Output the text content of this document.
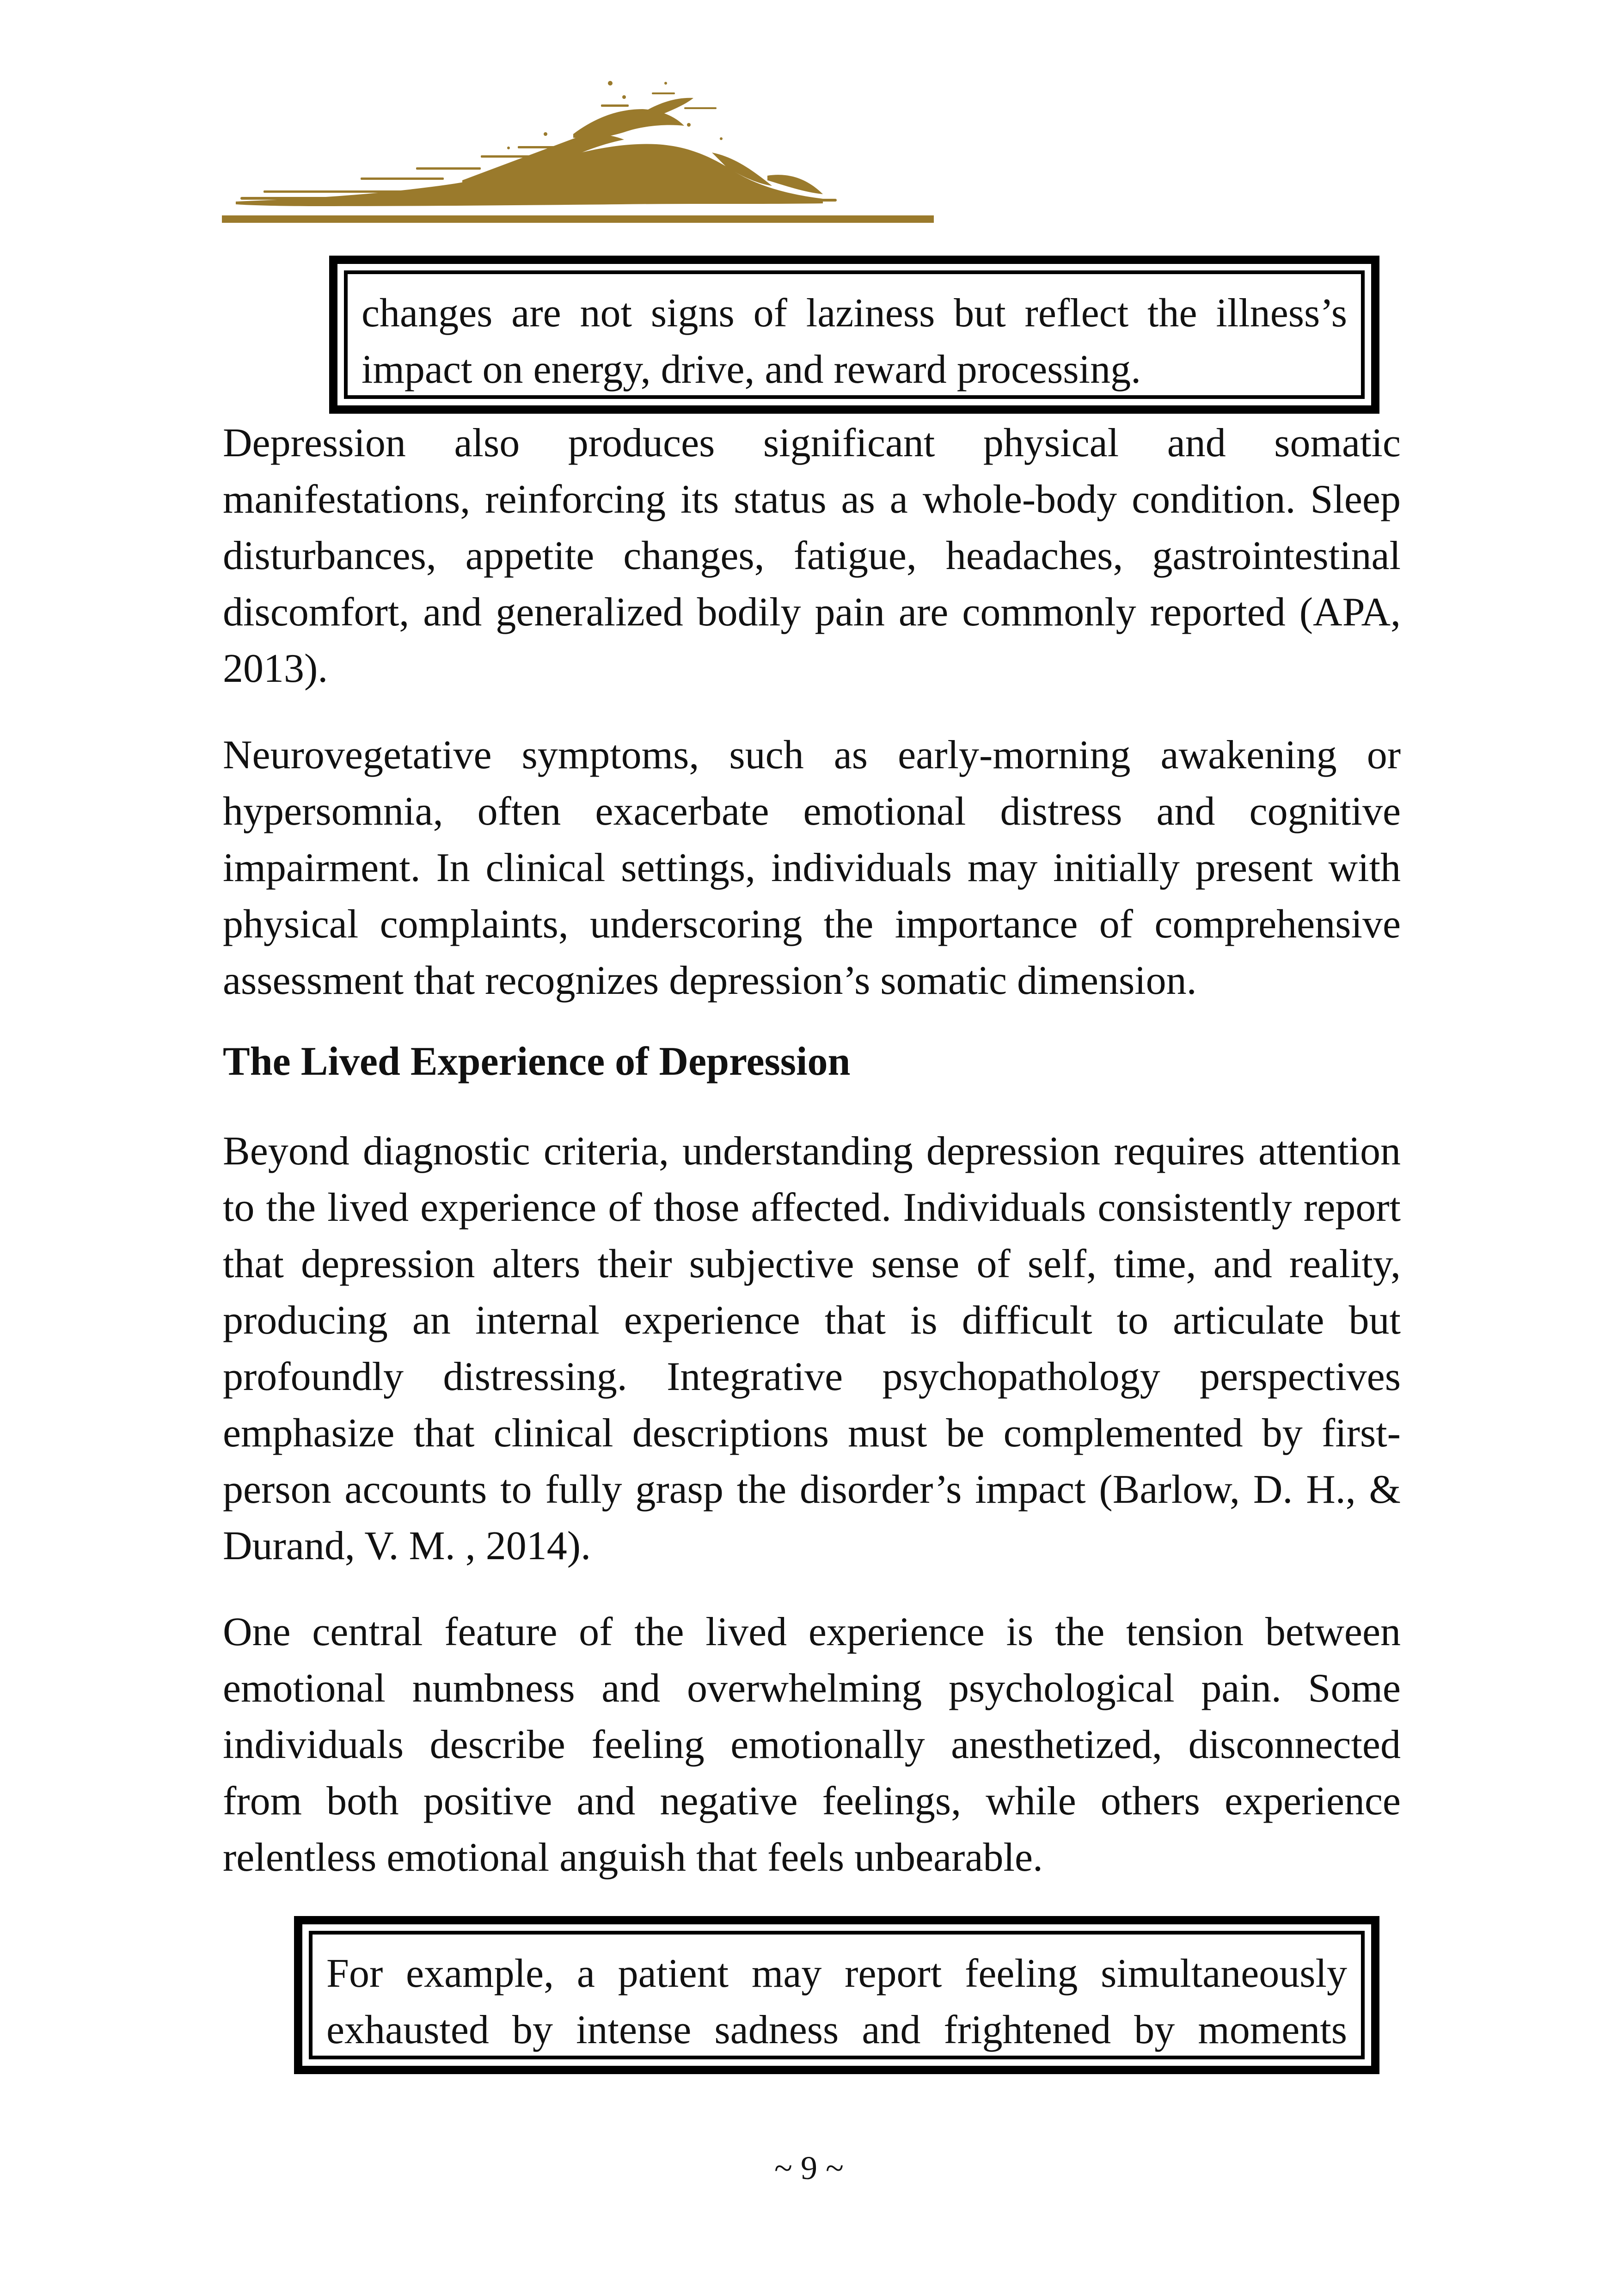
changes are not signs of laziness but reflect the illness’s impact on energy, drive, and reward processing.

Depression also produces significant physical and somatic manifestations, reinforcing its status as a whole-body condition. Sleep disturbances, appetite changes, fatigue, headaches, gastrointestinal discomfort, and generalized bodily pain are commonly reported (APA, 2013).

Neurovegetative symptoms, such as early-morning awakening or hypersomnia, often exacerbate emotional distress and cognitive impairment. In clinical settings, individuals may initially present with physical complaints, underscoring the importance of comprehensive assessment that recognizes depression’s somatic dimension.

The Lived Experience of Depression

Beyond diagnostic criteria, understanding depression requires attention to the lived experience of those affected. Individuals consistently report that depression alters their subjective sense of self, time, and reality, producing an internal experience that is difficult to articulate but profoundly distressing. Integrative psychopathology perspectives emphasize that clinical descriptions must be complemented by first-person accounts to fully grasp the disorder’s impact (Barlow, D. H., & Durand, V. M. , 2014).

One central feature of the lived experience is the tension between emotional numbness and overwhelming psychological pain. Some individuals describe feeling emotionally anesthetized, disconnected from both positive and negative feelings, while others experience relentless emotional anguish that feels unbearable.

For example, a patient may report feeling simultaneously exhausted by intense sadness and frightened by moments

~ 9 ~
